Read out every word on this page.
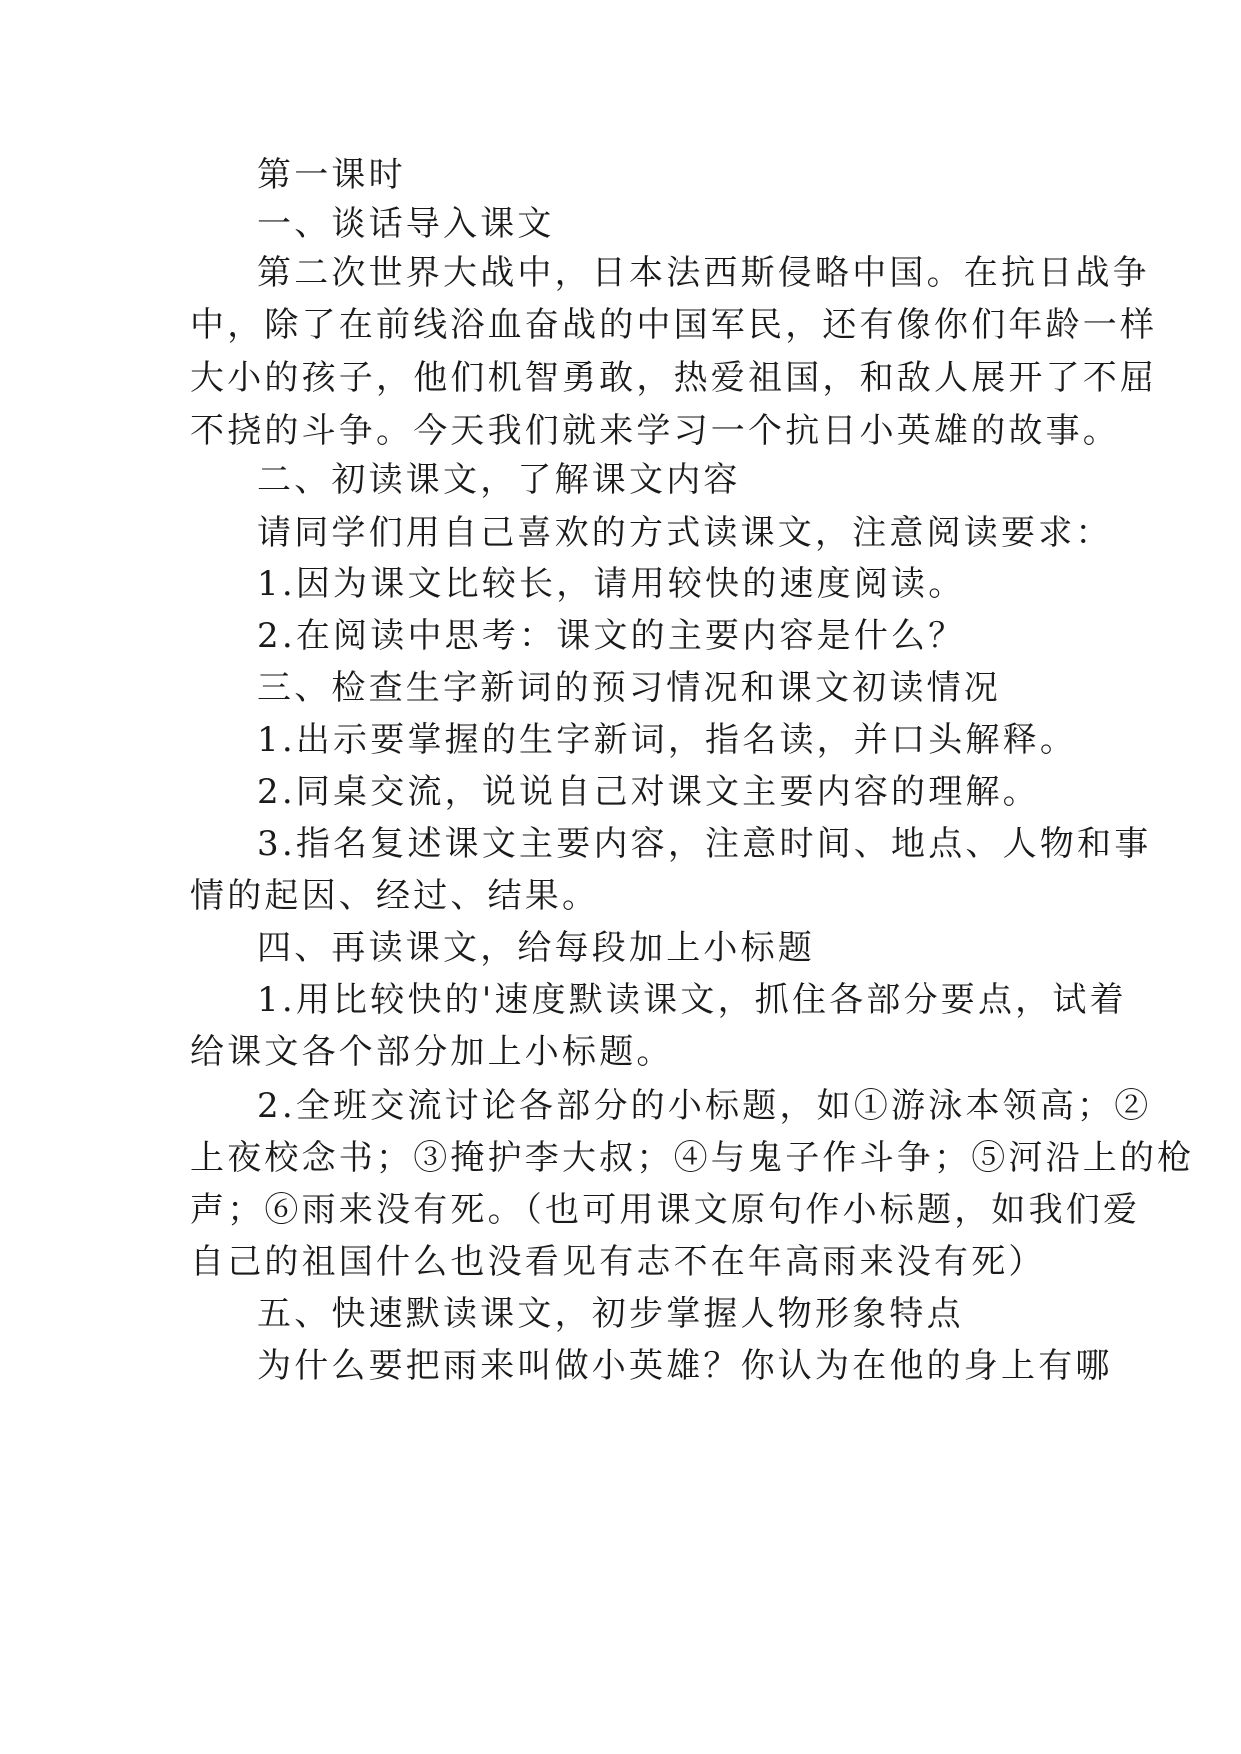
第一课时
一、谈话导入课文
第二次世界大战中，日本法西斯侵略中国。在抗日战争
中，除了在前线浴血奋战的中国军民，还有像你们年龄一样
大小的孩子，他们机智勇敢，热爱祖国，和敌人展开了不屈
不挠的斗争。今天我们就来学习一个抗日小英雄的故事。
二、初读课文，了解课文内容
请同学们用自己喜欢的方式读课文，注意阅读要求：
1.因为课文比较长，请用较快的速度阅读。
2.在阅读中思考：课文的主要内容是什么？
三、检查生字新词的预习情况和课文初读情况
1.出示要掌握的生字新词，指名读，并口头解释。
2.同桌交流，说说自己对课文主要内容的理解。
3.指名复述课文主要内容，注意时间、地点、人物和事
情的起因、经过、结果。
四、再读课文，给每段加上小标题
1.用比较快的'速度默读课文，抓住各部分要点，试着
给课文各个部分加上小标题。
2.全班交流讨论各部分的小标题，如①游泳本领高；②
上夜校念书；③掩护李大叔；④与鬼子作斗争；⑤河沿上的枪
声；⑥雨来没有死。（也可用课文原句作小标题，如我们爱
自己的祖国什么也没看见有志不在年高雨来没有死）
五、快速默读课文，初步掌握人物形象特点
为什么要把雨来叫做小英雄？你认为在他的身上有哪
